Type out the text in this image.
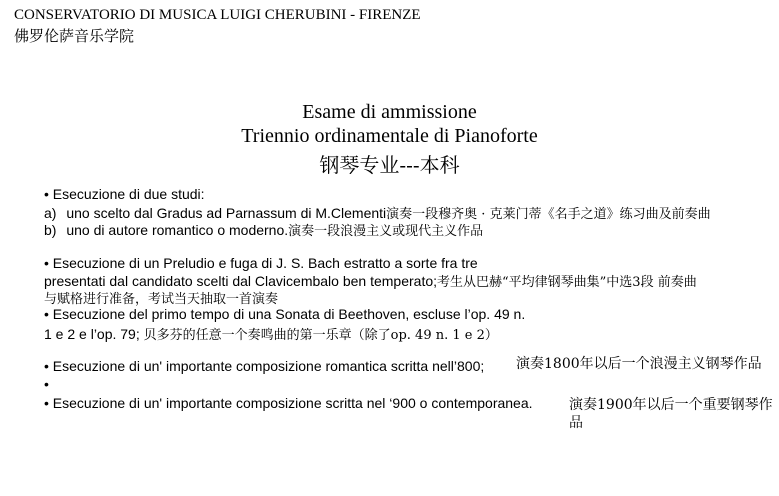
CONSERVATORIO DI MUSICA LUIGI CHERUBINI - FIRENZE
佛罗伦萨音乐学院
Esame di ammissione
Triennio ordinamentale di Pianoforte
钢琴专业---本科
• Esecuzione di due studi:
a) uno scelto dal Gradus ad Parnassum di M.Clementi演奏一段穆齐奥 · 克莱门蒂《名手之道》练习曲及前奏曲
b) uno di autore romantico o moderno.演奏一段浪漫主义或现代主义作品
• Esecuzione di un Preludio e fuga di J. S. Bach estratto a sorte fra tre
presentati dal candidato scelti dal Clavicembalo ben temperato;考生从巴赫“平均律钢琴曲集”中选3段 前奏曲
与赋格进行准备，考试当天抽取一首演奏
• Esecuzione del primo tempo di una Sonata di Beethoven, escluse l’op. 49 n.
1 e 2 e l’op. 79; 贝多芬的任意一个奏鸣曲的第一乐章（除了op. 49 n. 1 e 2）
• Esecuzione di un' importante composizione romantica scritta nell’800; 演奏1800年以后一个浪漫主义钢琴作品
•
• Esecuzione di un' importante composizione scritta nel ‘900 o contemporanea.	演奏1900年以后一个重要钢琴作品
